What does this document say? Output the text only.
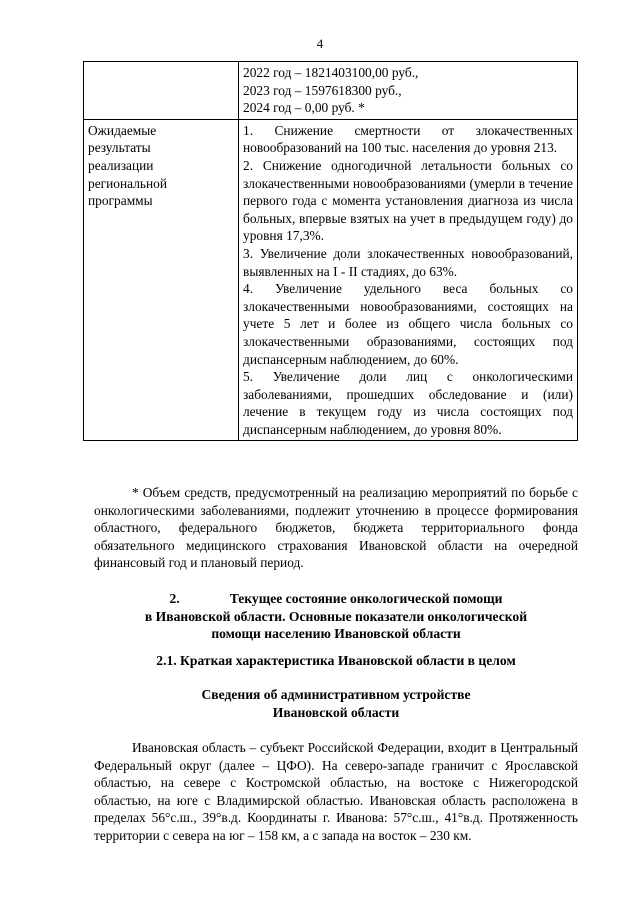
4

	2022 год – 1821403100,00 руб.,
2023 год – 1597618300 руб.,
2024 год – 0,00 руб. *

Ожидаемые результаты реализации региональной программы	1. Снижение смертности от злокачественных новообразований на 100 тыс. населения до уровня 213.
2. Снижение одногодичной летальности больных со злокачественными новообразованиями (умерли в течение первого года с момента установления диагноза из числа больных, впервые взятых на учет в предыдущем году) до уровня 17,3%.
3. Увеличение доли злокачественных новообразований, выявленных на I - II стадиях, до 63%.
4. Увеличение удельного веса больных со злокачественными новообразованиями, состоящих на учете 5 лет и более из общего числа больных со злокачественными образованиями, состоящих под диспансерным наблюдением, до 60%.
5. Увеличение доли лиц с онкологическими заболеваниями, прошедших обследование и (или) лечение в текущем году из числа состоящих под диспансерным наблюдением, до уровня 80%.
* Объем средств, предусмотренный на реализацию мероприятий по борьбе с онкологическими заболеваниями, подлежит уточнению в процессе формирования областного, федерального бюджетов, бюджета территориального фонда обязательного медицинского страхования Ивановской области на очередной финансовый год и плановый период.
2.	Текущее состояние онкологической помощи
в Ивановской области. Основные показатели онкологической
помощи населению Ивановской области
2.1. Краткая характеристика Ивановской области в целом
Сведения об административном устройстве
Ивановской области
Ивановская область – субъект Российской Федерации, входит в Центральный Федеральный округ (далее – ЦФО). На северо-западе граничит с Ярославской областью, на севере с Костромской областью, на востоке с Нижегородской областью, на юге с Владимирской областью. Ивановская область расположена в пределах 56°с.ш., 39°в.д. Координаты г. Иванова: 57°с.ш., 41°в.д. Протяженность территории с севера на юг – 158 км, а с запада на восток – 230 км.
